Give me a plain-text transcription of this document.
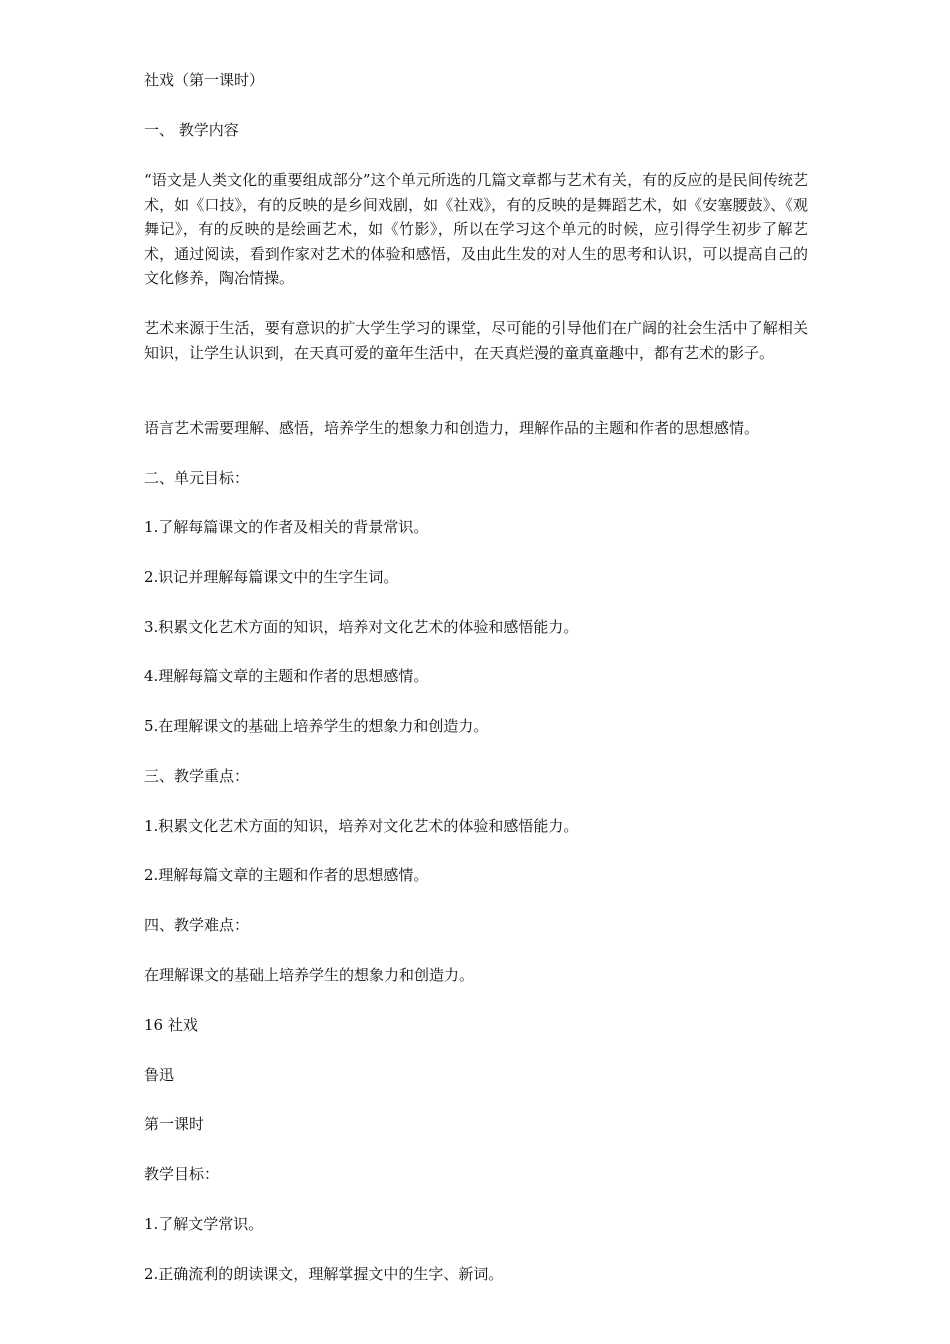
社戏（第一课时）

一、 教学内容

“语文是人类文化的重要组成部分”这个单元所选的几篇文章都与艺术有关，有的反应的是民间传统艺术，如《口技》，有的反映的是乡间戏剧，如《社戏》，有的反映的是舞蹈艺术，如《安塞腰鼓》、《观舞记》，有的反映的是绘画艺术，如《竹影》，所以在学习这个单元的时候，应引得学生初步了解艺术，通过阅读，看到作家对艺术的体验和感悟，及由此生发的对人生的思考和认识，可以提高自己的文化修养，陶冶情操。

艺术来源于生活，要有意识的扩大学生学习的课堂，尽可能的引导他们在广阔的社会生活中了解相关知识，让学生认识到，在天真可爱的童年生活中，在天真烂漫的童真童趣中，都有艺术的影子。

语言艺术需要理解、感悟，培养学生的想象力和创造力，理解作品的主题和作者的思想感情。

二、单元目标：

1.了解每篇课文的作者及相关的背景常识。

2.识记并理解每篇课文中的生字生词。

3.积累文化艺术方面的知识，培养对文化艺术的体验和感悟能力。

4.理解每篇文章的主题和作者的思想感情。

5.在理解课文的基础上培养学生的想象力和创造力。

三、教学重点：

1.积累文化艺术方面的知识，培养对文化艺术的体验和感悟能力。

2.理解每篇文章的主题和作者的思想感情。

四、教学难点：

在理解课文的基础上培养学生的想象力和创造力。

16 社戏

鲁迅

第一课时

教学目标：

1.了解文学常识。

2.正确流利的朗读课文，理解掌握文中的生字、新词。
